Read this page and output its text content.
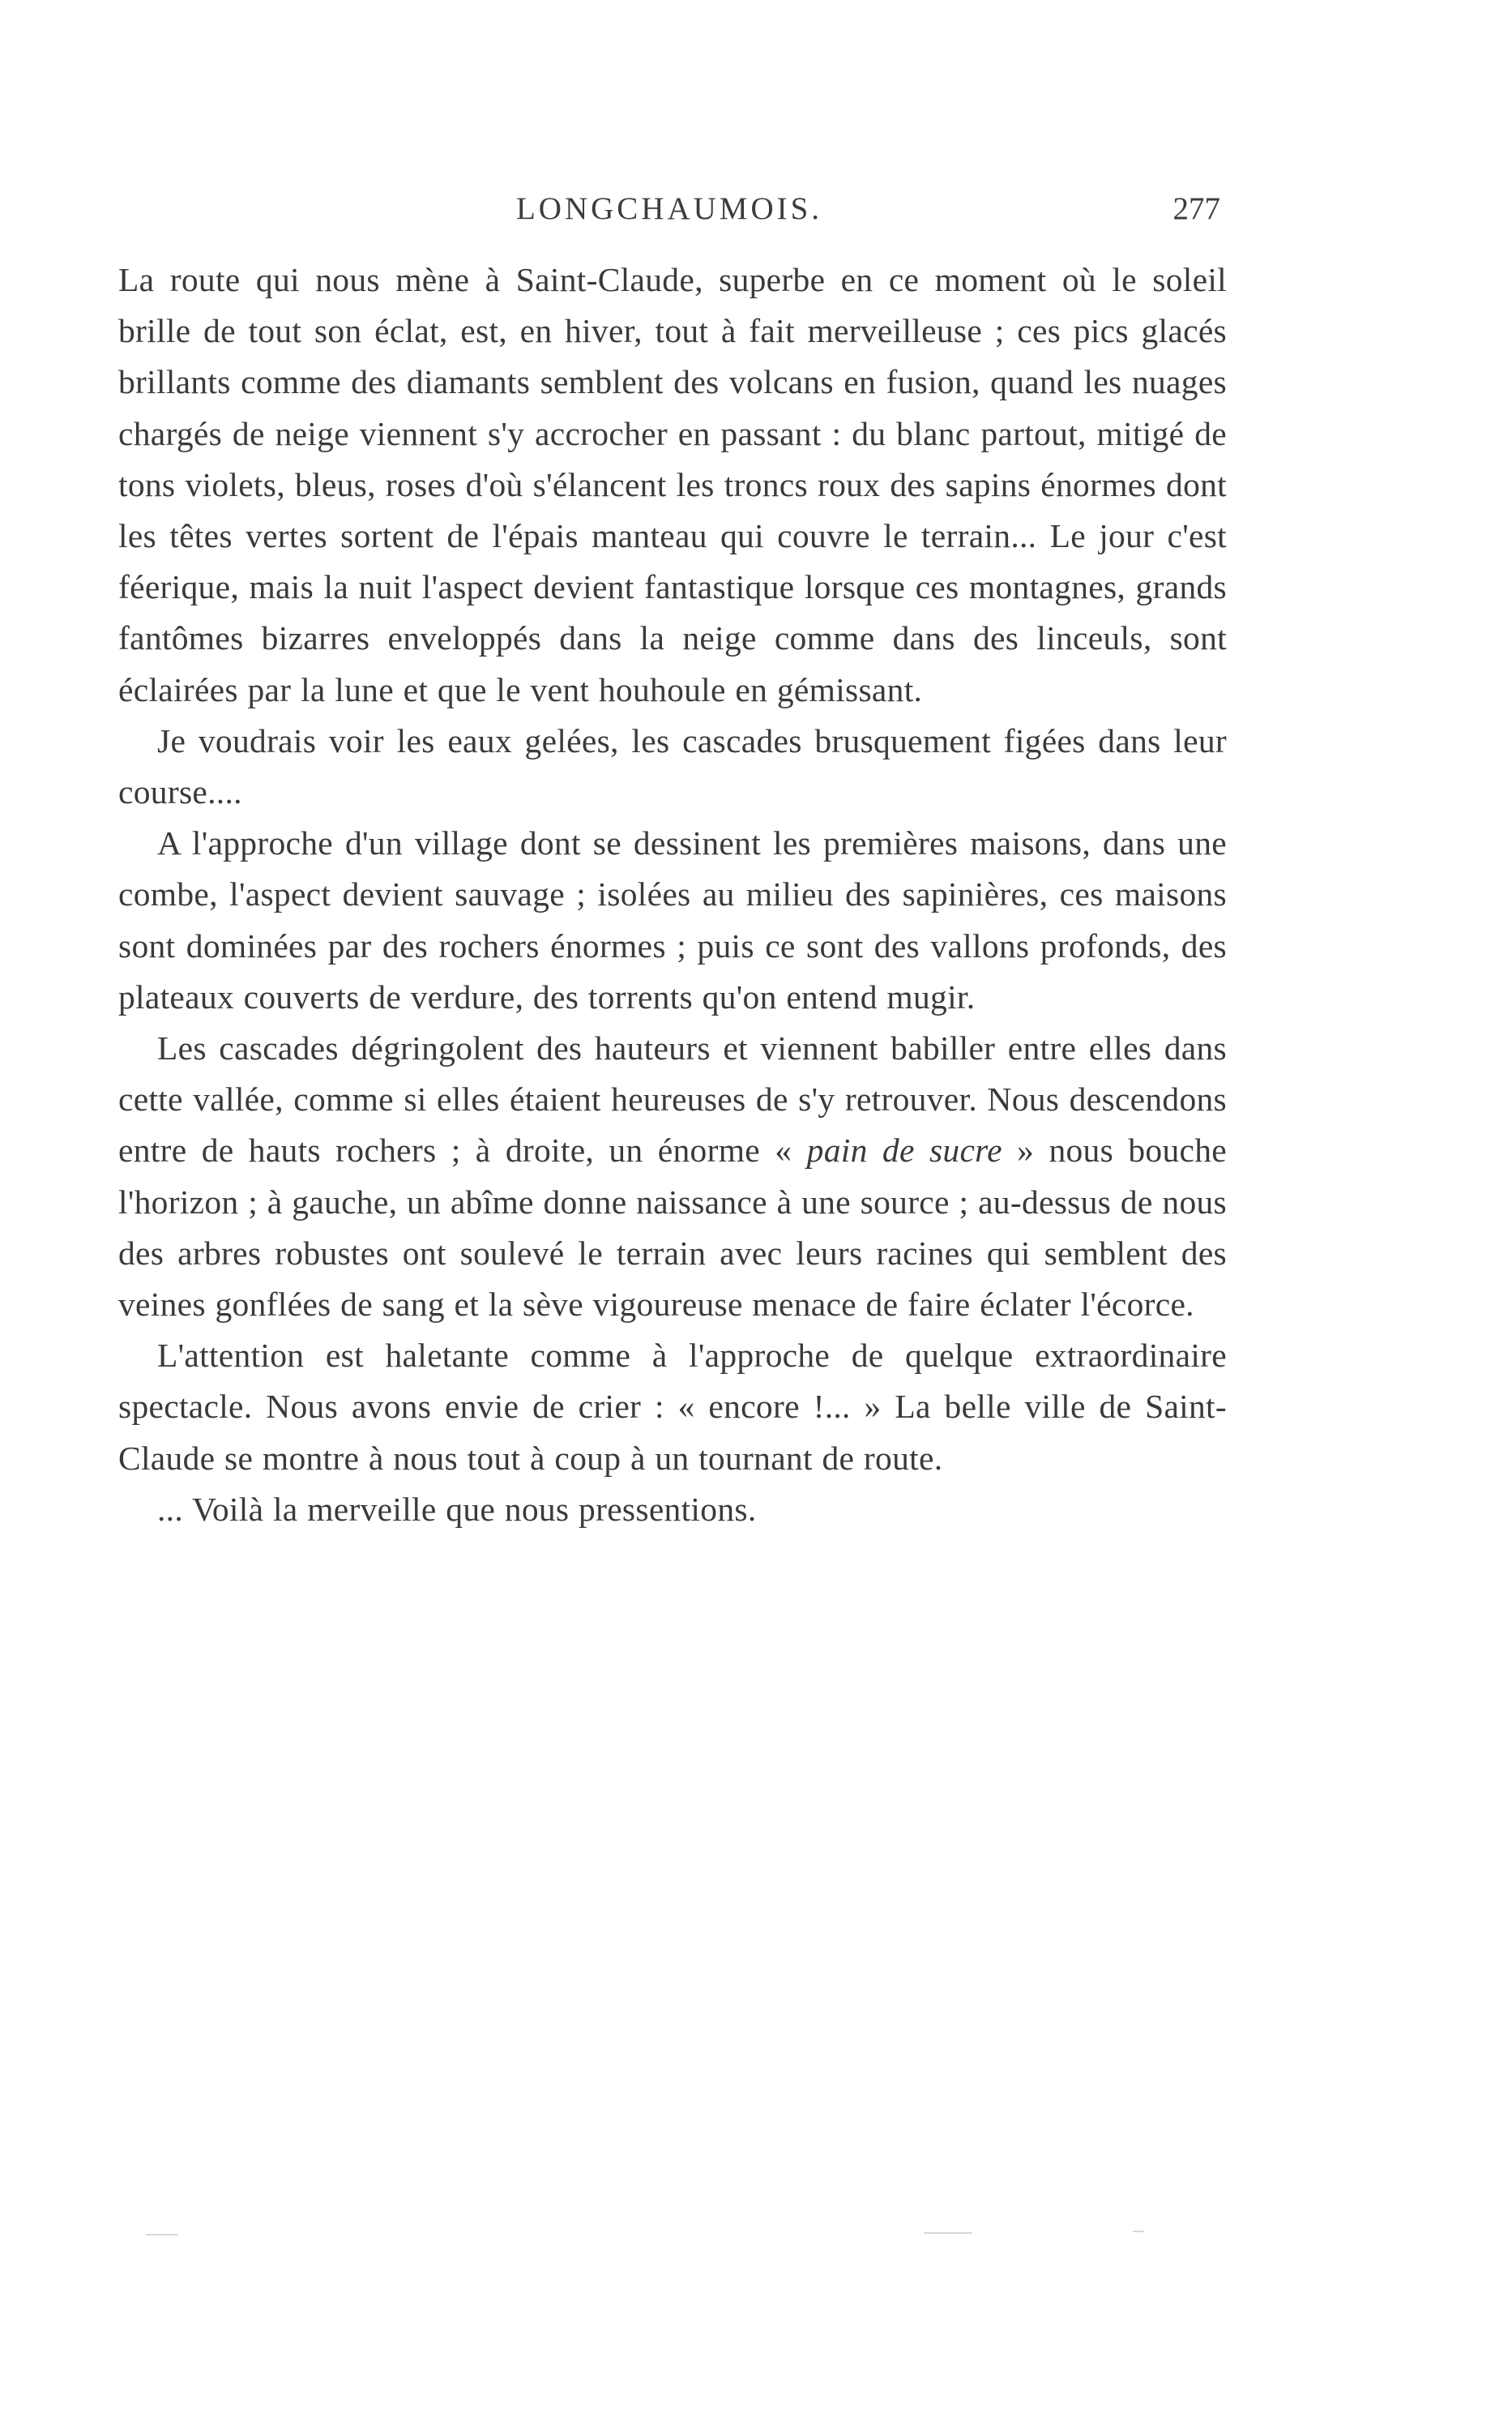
LONGCHAUMOIS.	277

La route qui nous mène à Saint-Claude, superbe en ce moment où le soleil brille de tout son éclat, est, en hiver, tout à fait merveilleuse ; ces pics glacés brillants comme des diamants semblent des volcans en fusion, quand les nuages chargés de neige viennent s'y accrocher en passant : du blanc partout, mitigé de tons violets, bleus, roses d'où s'élancent les troncs roux des sapins énormes dont les têtes vertes sortent de l'épais manteau qui couvre le terrain... Le jour c'est féerique, mais la nuit l'aspect devient fantastique lorsque ces montagnes, grands fantômes bizarres enveloppés dans la neige comme dans des linceuls, sont éclairées par la lune et que le vent houhoule en gémissant.

Je voudrais voir les eaux gelées, les cascades brusquement figées dans leur course....

A l'approche d'un village dont se dessinent les premières maisons, dans une combe, l'aspect devient sauvage ; isolées au milieu des sapinières, ces maisons sont dominées par des rochers énormes ; puis ce sont des vallons profonds, des plateaux couverts de verdure, des torrents qu'on entend mugir.

Les cascades dégringolent des hauteurs et viennent babiller entre elles dans cette vallée, comme si elles étaient heureuses de s'y retrouver. Nous descendons entre de hauts rochers ; à droite, un énorme « pain de sucre » nous bouche l'horizon ; à gauche, un abîme donne naissance à une source ; au-dessus de nous des arbres robustes ont soulevé le terrain avec leurs racines qui semblent des veines gonflées de sang et la sève vigoureuse menace de faire éclater l'écorce.

L'attention est haletante comme à l'approche de quelque extraordinaire spectacle. Nous avons envie de crier : « encore !... » La belle ville de Saint-Claude se montre à nous tout à coup à un tournant de route.

... Voilà la merveille que nous pressentions.
